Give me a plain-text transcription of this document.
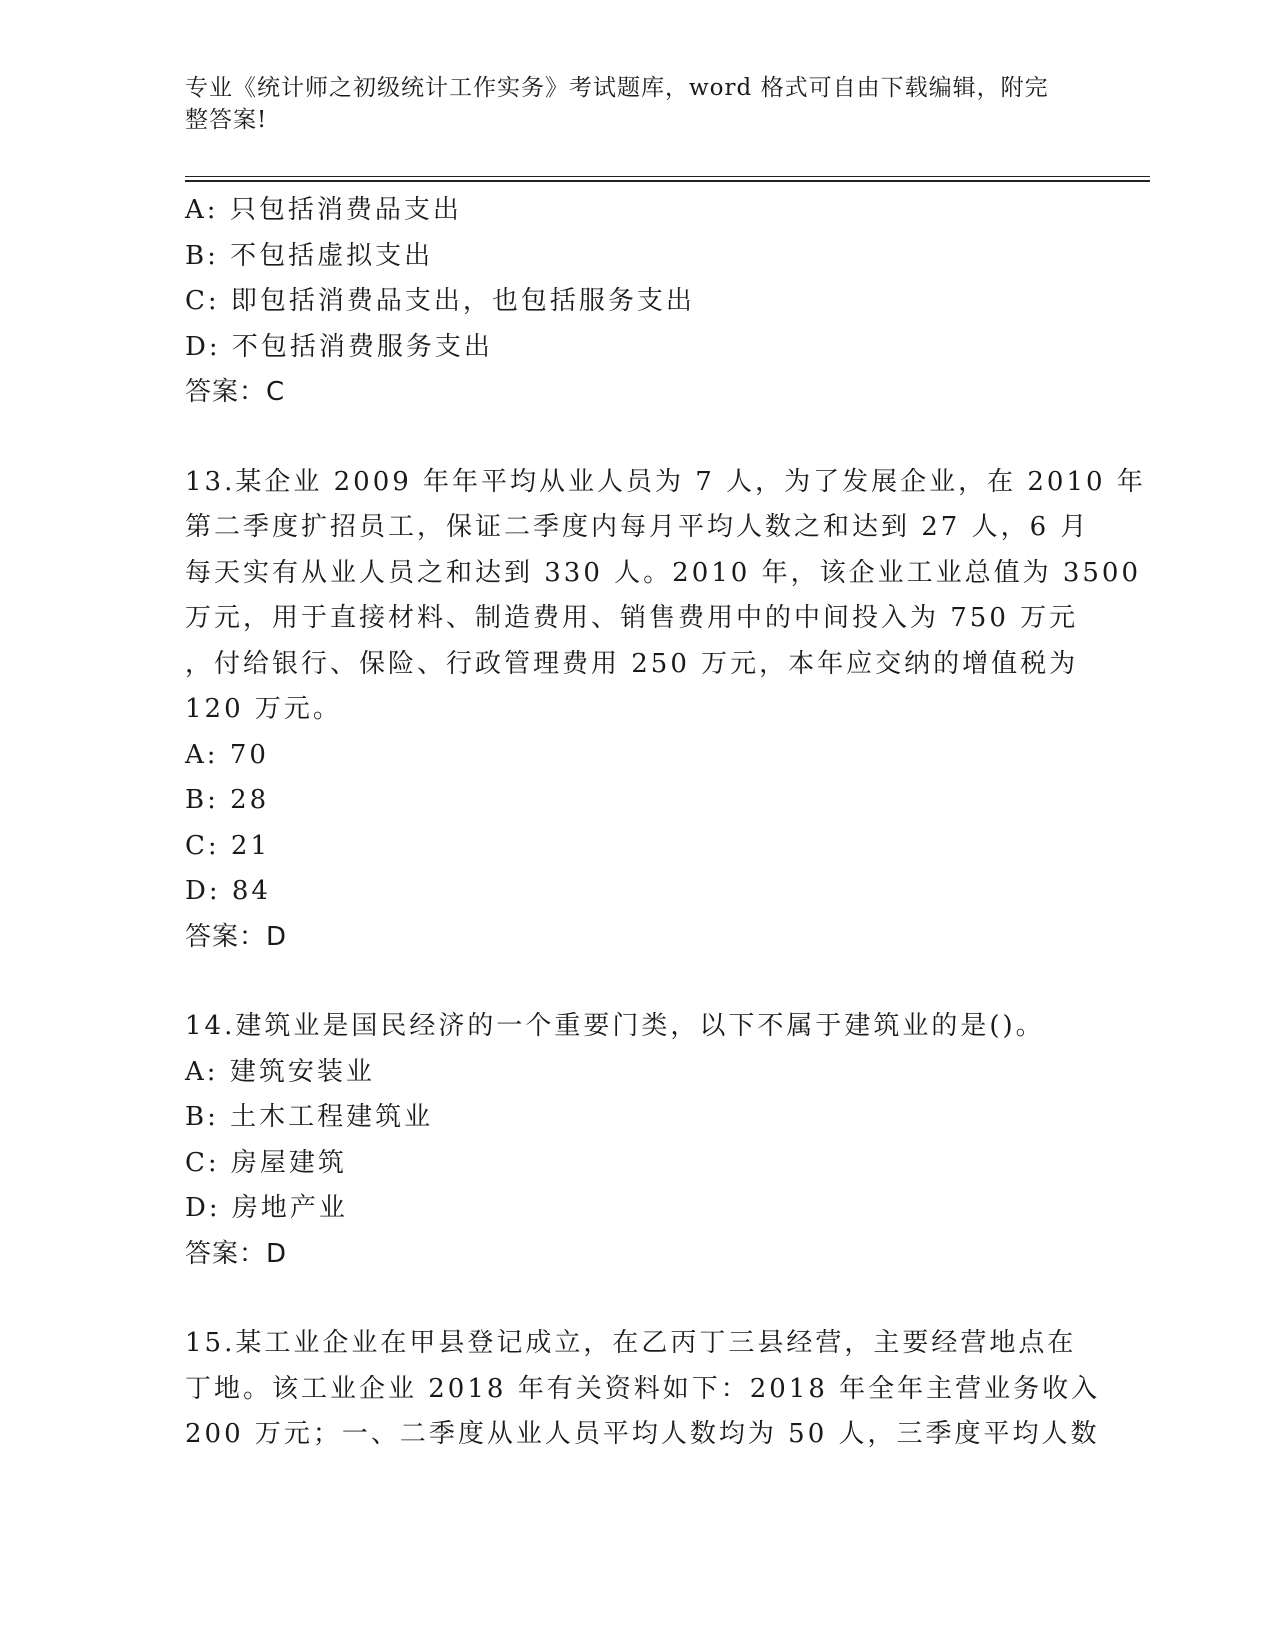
专业《统计师之初级统计工作实务》考试题库，word 格式可自由下载编辑，附完整答案!
A: 只包括消费品支出
B: 不包括虚拟支出
C: 即包括消费品支出，也包括服务支出
D: 不包括消费服务支出
答案：C
13.某企业 2009 年年平均从业人员为 7 人，为了发展企业，在 2010 年
第二季度扩招员工，保证二季度内每月平均人数之和达到 27 人，6 月
每天实有从业人员之和达到 330 人。2010 年，该企业工业总值为 3500
万元，用于直接材料、制造费用、销售费用中的中间投入为 750 万元
，付给银行、保险、行政管理费用 250 万元，本年应交纳的增值税为
120 万元。
A: 70
B: 28
C: 21
D: 84
答案：D
14.建筑业是国民经济的一个重要门类，以下不属于建筑业的是()。
A: 建筑安装业
B: 土木工程建筑业
C: 房屋建筑
D: 房地产业
答案：D
15.某工业企业在甲县登记成立，在乙丙丁三县经营，主要经营地点在
丁地。该工业企业 2018 年有关资料如下：2018 年全年主营业务收入
200 万元；一、二季度从业人员平均人数均为 50 人，三季度平均人数
